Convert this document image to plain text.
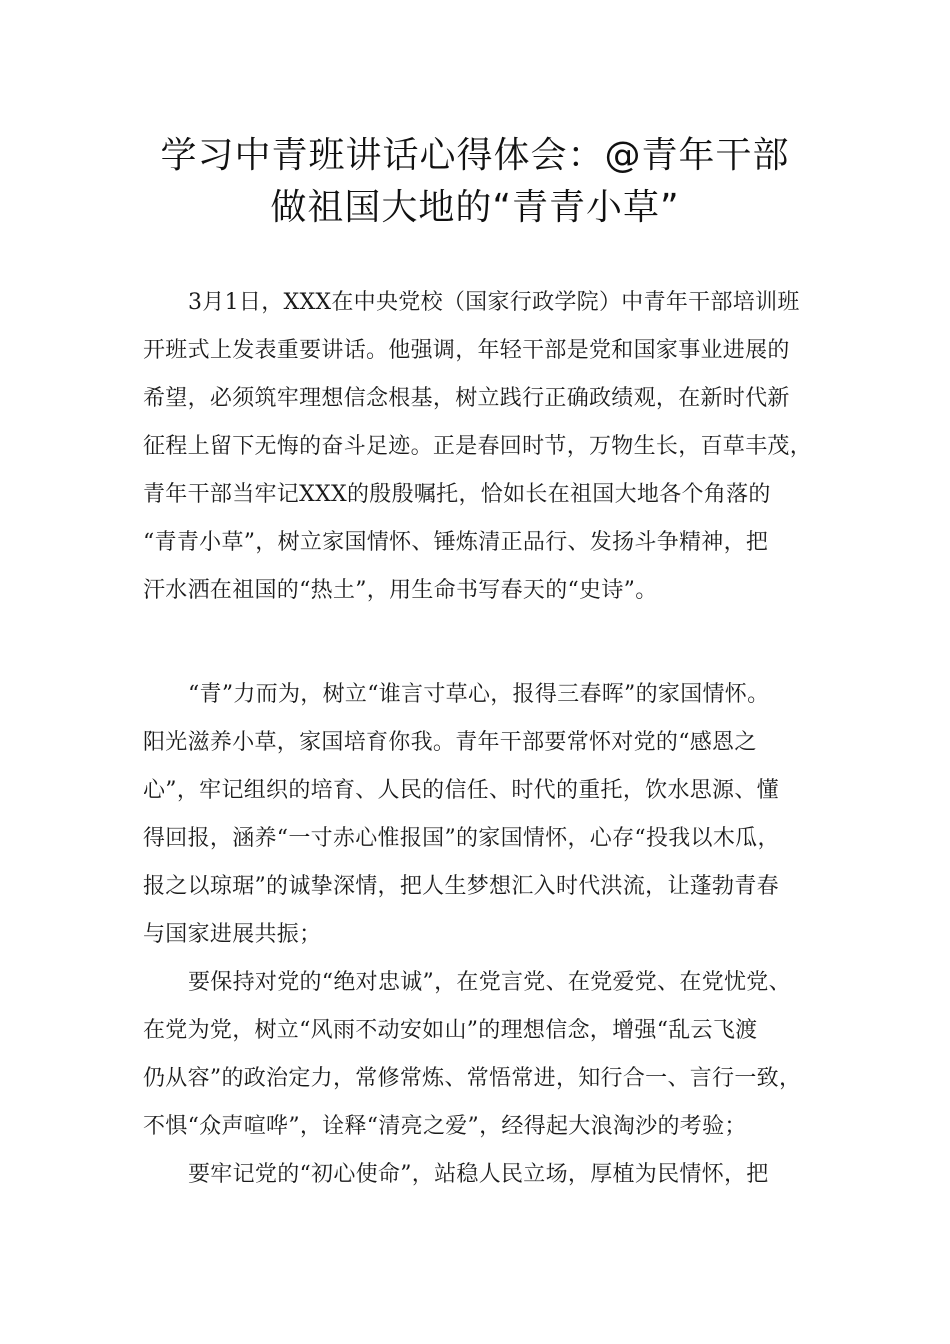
学习中青班讲话心得体会：@青年干部
做祖国大地的“青青小草”
3月1日，XXX在中央党校（国家行政学院）中青年干部培训班
开班式上发表重要讲话。他强调，年轻干部是党和国家事业进展的
希望，必须筑牢理想信念根基，树立践行正确政绩观，在新时代新
征程上留下无悔的奋斗足迹。正是春回时节，万物生长，百草丰茂，
青年干部当牢记XXX的殷殷嘱托，恰如长在祖国大地各个角落的
“青青小草”，树立家国情怀、锤炼清正品行、发扬斗争精神，把
汗水洒在祖国的“热土”，用生命书写春天的“史诗”。
“青”力而为，树立“谁言寸草心，报得三春晖”的家国情怀。
阳光滋养小草，家国培育你我。青年干部要常怀对党的“感恩之
心”，牢记组织的培育、人民的信任、时代的重托，饮水思源、懂
得回报，涵养“一寸赤心惟报国”的家国情怀，心存“投我以木瓜，
报之以琼琚”的诚挚深情，把人生梦想汇入时代洪流，让蓬勃青春
与国家进展共振；
要保持对党的“绝对忠诚”，在党言党、在党爱党、在党忧党、
在党为党，树立“风雨不动安如山”的理想信念，增强“乱云飞渡
仍从容”的政治定力，常修常炼、常悟常进，知行合一、言行一致，
不惧“众声喧哗”，诠释“清亮之爱”，经得起大浪淘沙的考验；
要牢记党的“初心使命”，站稳人民立场，厚植为民情怀，把
